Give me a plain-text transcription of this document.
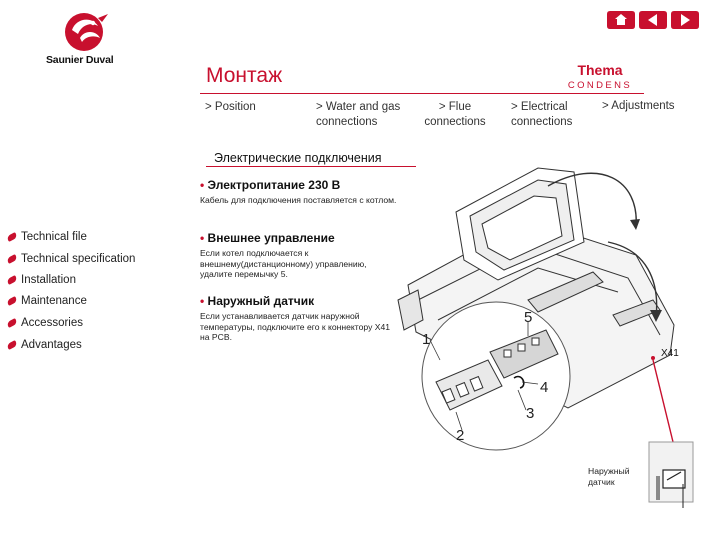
Saunier Duval
Монтаж	Thema
CONDENS
> Position	> Water and gas
connections
> Flue
connections
> Electrical
connections
> Adjustments
Электрические подключения
Technical file
Technical specification
Installation
Maintenance
Accessories
Advantages
• Электропитание 230 В
Кабель для подключения поставляется с котлом.
• Внешнее управление
Если котел подключается к внешнему(дистанционному) управлению, удалите перемычку 5.
• Наружный датчик
Если устанавливается датчик наружной температуры, подключите его к коннектору Х41 на PCB.	1
2
3
4
5
X41
Наружный
датчик
